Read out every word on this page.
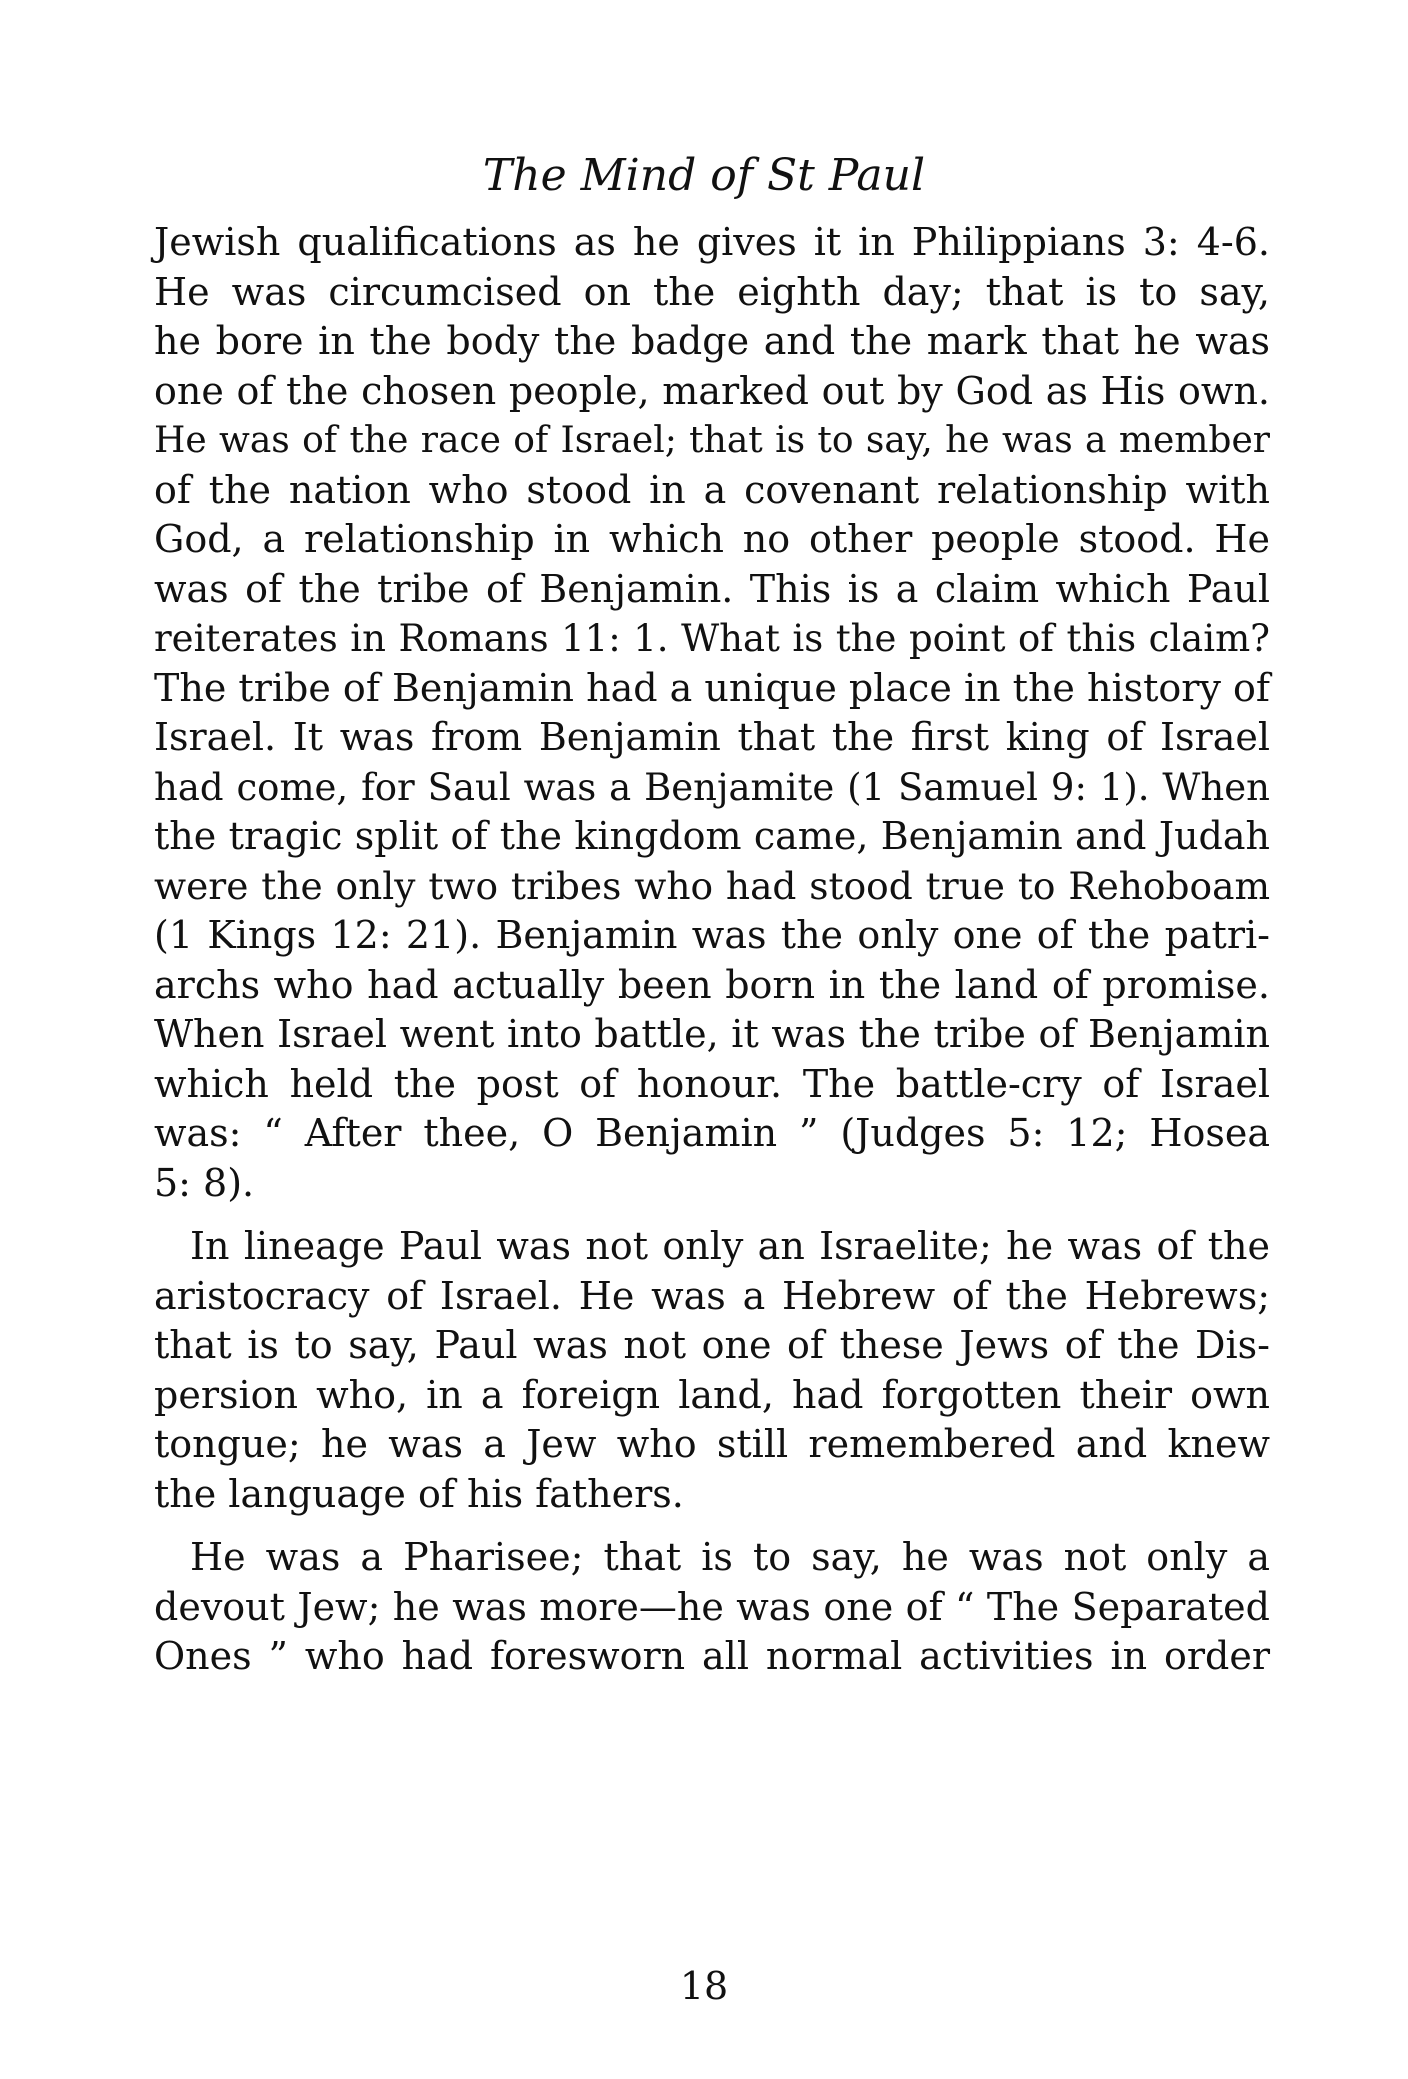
The Mind of St Paul
Jewish qualifications as he gives it in Philippians 3: 4-6.
He was circumcised on the eighth day; that is to say,
he bore in the body the badge and the mark that he was
one of the chosen people, marked out by God as His own.
He was of the race of Israel; that is to say, he was a member
of the nation who stood in a covenant relationship with
God, a relationship in which no other people stood. He
was of the tribe of Benjamin. This is a claim which Paul
reiterates in Romans 11: 1. What is the point of this claim?
The tribe of Benjamin had a unique place in the history of
Israel. It was from Benjamin that the first king of Israel
had come, for Saul was a Benjamite (1 Samuel 9: 1). When
the tragic split of the kingdom came, Benjamin and Judah
were the only two tribes who had stood true to Rehoboam
(1 Kings 12: 21). Benjamin was the only one of the patri-
archs who had actually been born in the land of promise.
When Israel went into battle, it was the tribe of Benjamin
which held the post of honour. The battle-cry of Israel
was: “ After thee, O Benjamin ” (Judges 5: 12; Hosea
5: 8).
In lineage Paul was not only an Israelite; he was of the
aristocracy of Israel. He was a Hebrew of the Hebrews;
that is to say, Paul was not one of these Jews of the Dis-
persion who, in a foreign land, had forgotten their own
tongue; he was a Jew who still remembered and knew
the language of his fathers.
He was a Pharisee; that is to say, he was not only a
devout Jew; he was more—he was one of “ The Separated
Ones ” who had foresworn all normal activities in order
18
